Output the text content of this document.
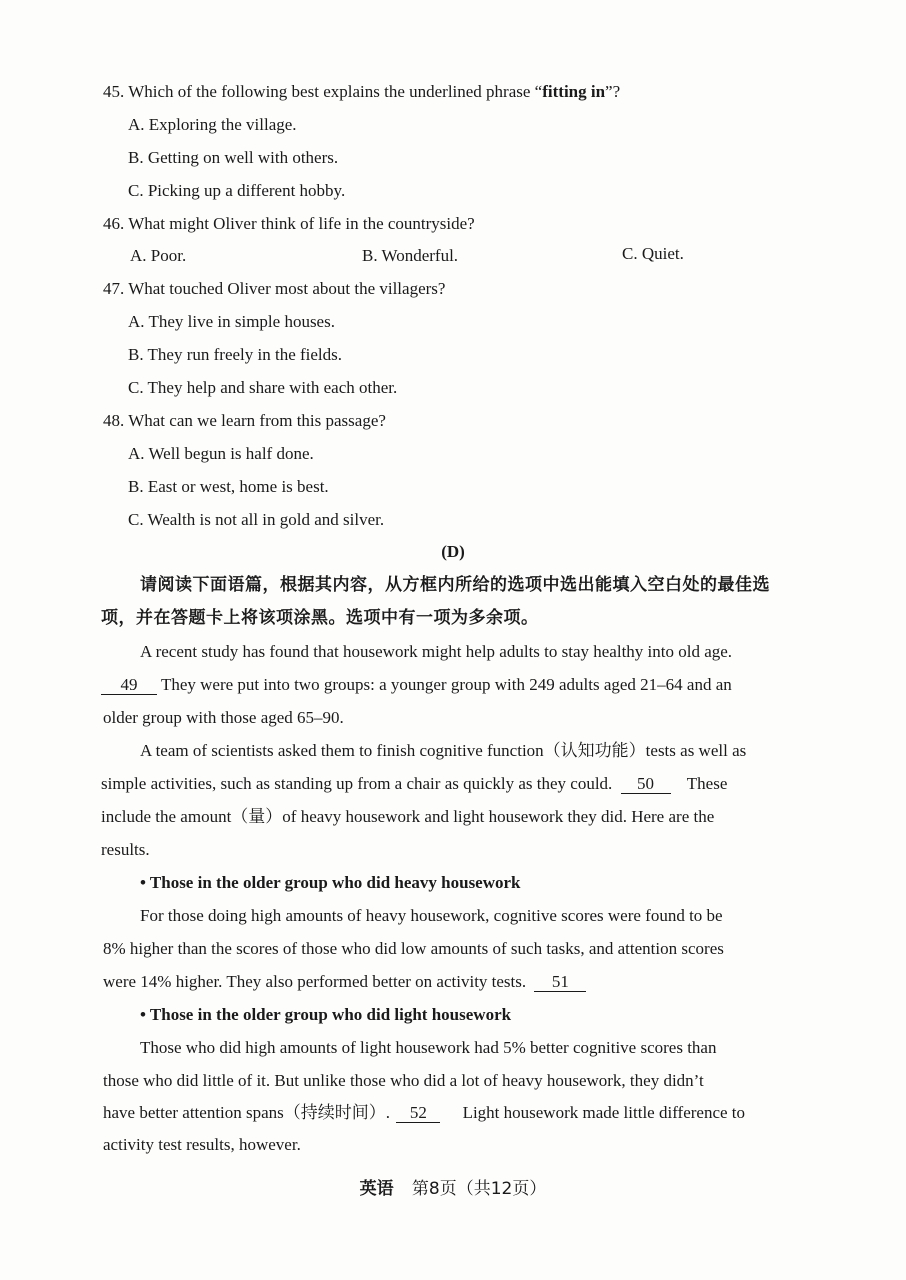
45. Which of the following best explains the underlined phrase “fitting in”?
A. Exploring the village.
B. Getting on well with others.
C. Picking up a different hobby.
46. What might Oliver think of life in the countryside?
A. Poor.	B. Wonderful.	C. Quiet.
47. What touched Oliver most about the villagers?
A. They live in simple houses.
B. They run freely in the fields.
C. They help and share with each other.
48. What can we learn from this passage?
A. Well begun is half done.
B. East or west, home is best.
C. Wealth is not all in gold and silver.
(D)
请阅读下面语篇，根据其内容，从方框内所给的选项中选出能填入空白处的最佳选
项，并在答题卡上将该项涂黑。选项中有一项为多余项。
A recent study has found that housework might help adults to stay healthy into old age.
49 They were put into two groups: a younger group with 249 adults aged 21–64 and an
older group with those aged 65–90.
A team of scientists asked them to finish cognitive function（认知功能）tests as well as
simple activities, such as standing up from a chair as quickly as they could. 50 These
include the amount（量）of heavy housework and light housework they did. Here are the
results.
• Those in the older group who did heavy housework
For those doing high amounts of heavy housework, cognitive scores were found to be
8% higher than the scores of those who did low amounts of such tasks, and attention scores
were 14% higher. They also performed better on activity tests. 51
• Those in the older group who did light housework
Those who did high amounts of light housework had 5% better cognitive scores than
those who did little of it. But unlike those who did a lot of heavy housework, they didn’t
have better attention spans（持续时间）. 52 Light housework made little difference to
activity test results, however.
英语 第8页（共12页）
